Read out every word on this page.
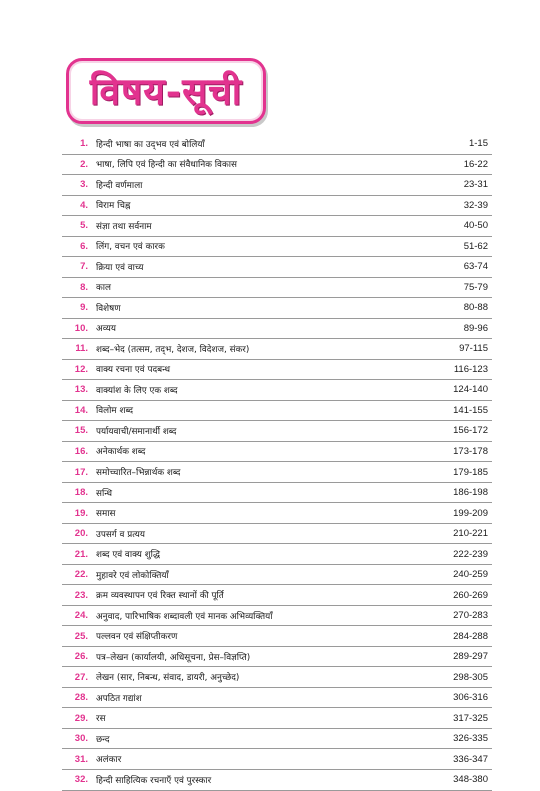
विषय-सूची
1. हिन्दी भाषा का उद्‌भव एवं बोलियाँ	1-15
2. भाषा, लिपि एवं हिन्दी का संवैधानिक विकास	16-22
3. हिन्दी वर्णमाला	23-31
4. विराम चिह्न	32-39
5. संज्ञा तथा सर्वनाम	40-50
6. लिंग, वचन एवं कारक	51-62
7. क्रिया एवं वाच्य	63-74
8. काल	75-79
9. विशेषण	80-88
10. अव्यय	89-96
11. शब्द–भेद (तत्सम, तद्‌भ, देशज, विदेशज, संकर)	97-115
12. वाक्य रचना एवं पदबन्ध	116-123
13. वाक्यांश के लिए एक शब्द	124-140
14. विलोम शब्द	141-155
15. पर्यायवाची/समानार्थी शब्द	156-172
16. अनेकार्थक शब्द	173-178
17. समोच्चारित–भिन्नार्थक शब्द	179-185
18. सन्धि	186-198
19. समास	199-209
20. उपसर्ग व प्रत्यय	210-221
21. शब्द एवं वाक्य शुद्धि	222-239
22. मुहावरे एवं लोकोक्तियाँ	240-259
23. क्रम व्यवस्थापन एवं रिक्त स्थानों की पूर्ति	260-269
24. अनुवाद, पारिभाषिक शब्दावली एवं मानक अभिव्यक्तियाँ	270-283
25. पल्लवन एवं संक्षिप्तीकरण	284-288
26. पत्र–लेखन (कार्यालयी, अधिसूचना, प्रेस–विज्ञप्ति)	289-297
27. लेखन (सार, निबन्ध, संवाद, डायरी, अनुच्छेद)	298-305
28. अपठित गद्यांश	306-316
29. रस	317-325
30. छन्द	326-335
31. अलंकार	336-347
32. हिन्दी साहित्यिक रचनाएँ एवं पुरस्कार	348-380
